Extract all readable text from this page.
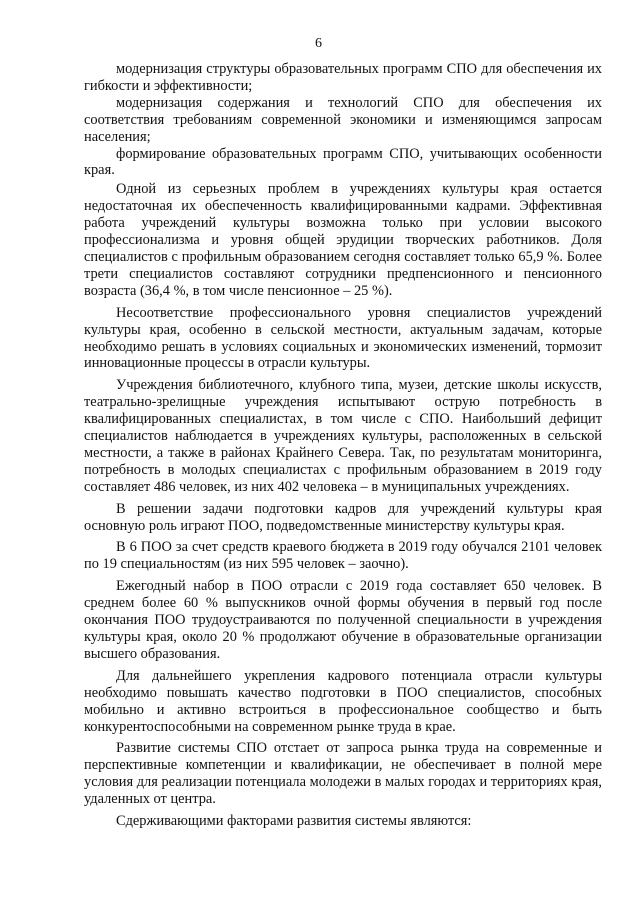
6

модернизация структуры образовательных программ СПО для обеспечения их гибкости и эффективности;

модернизация содержания и технологий СПО для обеспечения их соответствия требованиям современной экономики и изменяющимся запросам населения;

формирование образовательных программ СПО, учитывающих особенности края.

Одной из серьезных проблем в учреждениях культуры края остается недостаточная их обеспеченность квалифицированными кадрами. Эффективная работа учреждений культуры возможна только при условии высокого профессионализма и уровня общей эрудиции творческих работников. Доля специалистов с профильным образованием сегодня составляет только 65,9 %. Более трети специалистов составляют сотрудники предпенсионного и пенсионного возраста (36,4 %, в том числе пенсионное – 25 %).

Несоответствие профессионального уровня специалистов учреждений культуры края, особенно в сельской местности, актуальным задачам, которые необходимо решать в условиях социальных и экономических изменений, тормозит инновационные процессы в отрасли культуры.

Учреждения библиотечного, клубного типа, музеи, детские школы искусств, театрально-зрелищные учреждения испытывают острую потребность в квалифицированных специалистах, в том числе с СПО. Наибольший дефицит специалистов наблюдается в учреждениях культуры, расположенных в сельской местности, а также в районах Крайнего Севера. Так, по результатам мониторинга, потребность в молодых специалистах с профильным образованием в 2019 году составляет 486 человек, из них 402 человека – в муниципальных учреждениях.

В решении задачи подготовки кадров для учреждений культуры края основную роль играют ПОО, подведомственные министерству культуры края.

В 6 ПОО за счет средств краевого бюджета в 2019 году обучался 2101 человек по 19 специальностям (из них 595 человек – заочно).

Ежегодный набор в ПОО отрасли с 2019 года составляет 650 человек. В среднем более 60 % выпускников очной формы обучения в первый год после окончания ПОО трудоустраиваются по полученной специальности в учреждения культуры края, около 20 % продолжают обучение в образовательные организации высшего образования.

Для дальнейшего укрепления кадрового потенциала отрасли культуры необходимо повышать качество подготовки в ПОО специалистов, способных мобильно и активно встроиться в профессиональное сообщество и быть конкурентоспособными на современном рынке труда в крае.

Развитие системы СПО отстает от запроса рынка труда на современные и перспективные компетенции и квалификации, не обеспечивает в полной мере условия для реализации потенциала молодежи в малых городах и территориях края, удаленных от центра.

Сдерживающими факторами развития системы являются:
